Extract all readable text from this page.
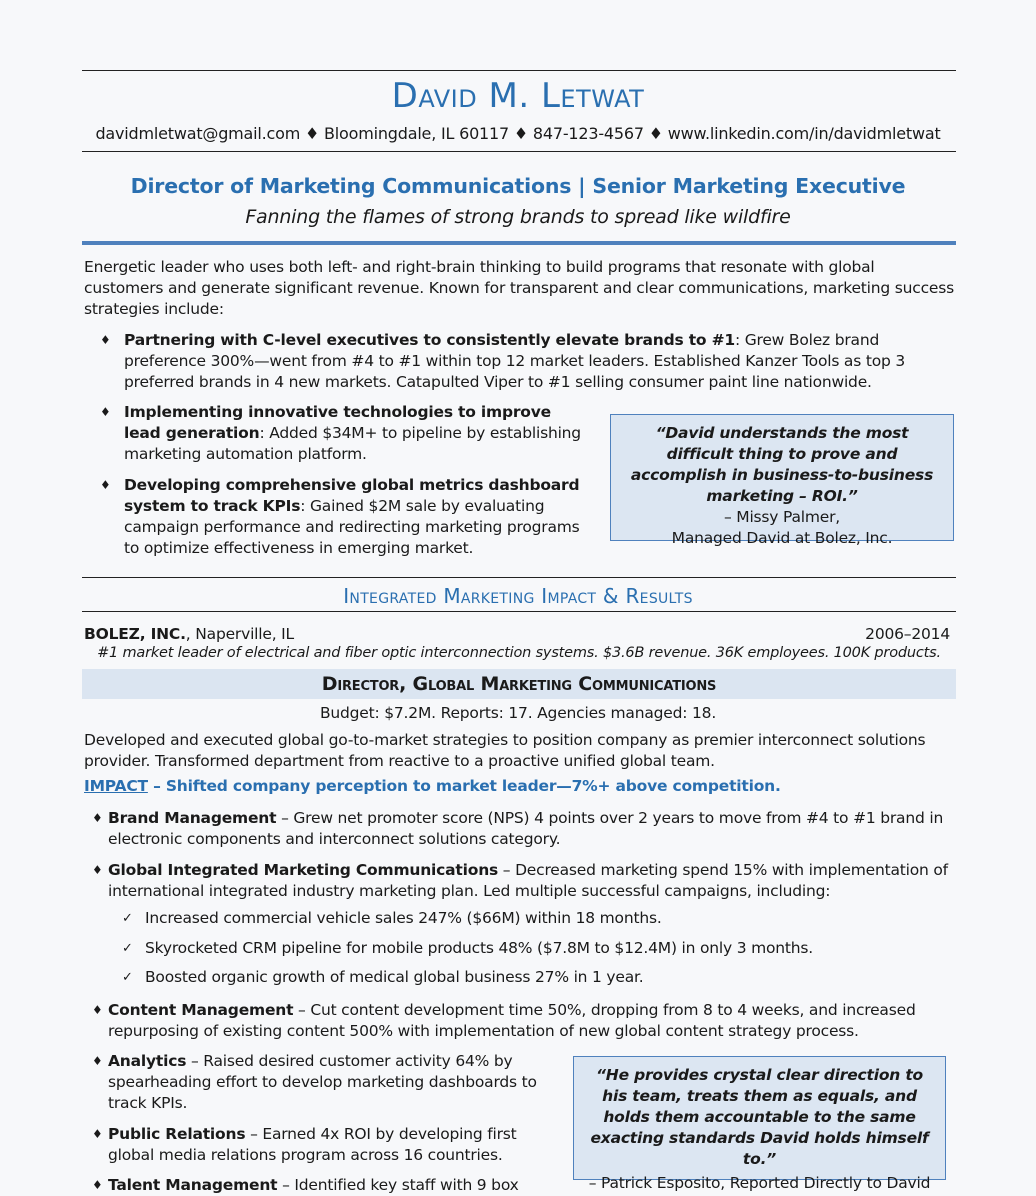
David M. Letwat
davidmletwat@gmail.com ♦ Bloomingdale, IL 60117 ♦ 847-123-4567 ♦ www.linkedin.com/in/davidmletwat
Director of Marketing Communications | Senior Marketing Executive
Fanning the flames of strong brands to spread like wildfire
Energetic leader who uses both left- and right-brain thinking to build programs that resonate with global customers and generate significant revenue. Known for transparent and clear communications, marketing success strategies include:
♦ Partnering with C-level executives to consistently elevate brands to #1: Grew Bolez brand preference 300%—went from #4 to #1 within top 12 market leaders. Established Kanzer Tools as top 3 preferred brands in 4 new markets. Catapulted Viper to #1 selling consumer paint line nationwide.
♦ Implementing innovative technologies to improve lead generation: Added $34M+ to pipeline by establishing marketing automation platform.
♦ Developing comprehensive global metrics dashboard system to track KPIs: Gained $2M sale by evaluating campaign performance and redirecting marketing programs to optimize effectiveness in emerging market.
“David understands the most difficult thing to prove and accomplish in business-to-business marketing – ROI.”
– Missy Palmer,
Managed David at Bolez, Inc.
Integrated Marketing Impact & Results
BOLEZ, INC., Naperville, IL	2006–2014
#1 market leader of electrical and fiber optic interconnection systems. $3.6B revenue. 36K employees. 100K products.
Director, Global Marketing Communications
Budget: $7.2M. Reports: 17. Agencies managed: 18.
Developed and executed global go-to-market strategies to position company as premier interconnect solutions provider. Transformed department from reactive to a proactive unified global team.
IMPACT – Shifted company perception to market leader—7%+ above competition.
♦ Brand Management – Grew net promoter score (NPS) 4 points over 2 years to move from #4 to #1 brand in electronic components and interconnect solutions category.
♦ Global Integrated Marketing Communications – Decreased marketing spend 15% with implementation of international integrated industry marketing plan. Led multiple successful campaigns, including:
✓ Increased commercial vehicle sales 247% ($66M) within 18 months.
✓ Skyrocketed CRM pipeline for mobile products 48% ($7.8M to $12.4M) in only 3 months.
✓ Boosted organic growth of medical global business 27% in 1 year.
♦ Content Management – Cut content development time 50%, dropping from 8 to 4 weeks, and increased repurposing of existing content 500% with implementation of new global content strategy process.
♦ Analytics – Raised desired customer activity 64% by spearheading effort to develop marketing dashboards to track KPIs.
♦ Public Relations – Earned 4x ROI by developing first global media relations program across 16 countries.
♦ Talent Management – Identified key staff with 9 box
“He provides crystal clear direction to his team, treats them as equals, and holds them accountable to the same exacting standards David holds himself to.”
– Patrick Esposito, Reported Directly to David
